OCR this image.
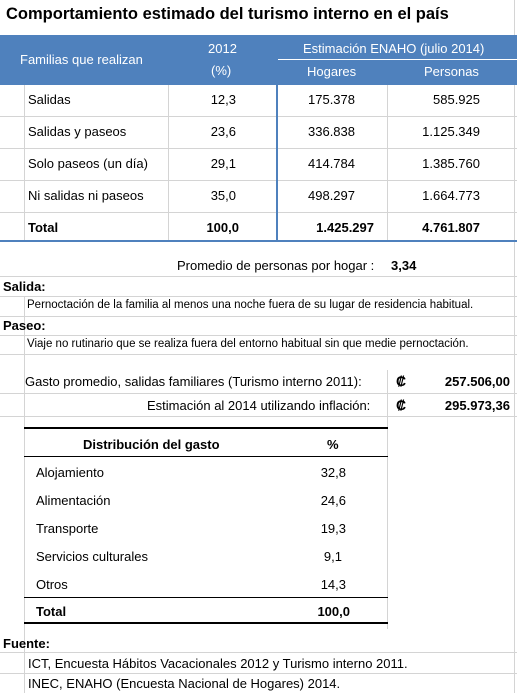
Comportamiento estimado del turismo interno en el país
Familias que realizan
2012
(%)
Estimación ENAHO (julio 2014)
Hogares	Personas
Salidas	12,3	175.378	585.925
Salidas y paseos	23,6	336.838	1.125.349
Solo paseos (un día)	29,1	414.784	1.385.760
Ni salidas ni paseos	35,0	498.297	1.664.773
Total	100,0	1.425.297	4.761.807
Promedio de personas por hogar : 3,34
Salida:
Pernoctación de la familia al menos una noche fuera de su lugar de residencia habitual.
Paseo:
Viaje no rutinario que se realiza fuera del entorno habitual sin que medie pernoctación.
Gasto promedio, salidas familiares (Turismo interno 2011): ₡	257.506,00
Estimación al 2014 utilizando inflación: ₡	295.973,36
Distribución del gasto	%
Alojamiento	32,8
Alimentación	24,6
Transporte	19,3
Servicios culturales	9,1
Otros	14,3
Total	100,0
Fuente:
ICT, Encuesta Hábitos Vacacionales 2012 y Turismo interno 2011.
INEC, ENAHO (Encuesta Nacional de Hogares) 2014.
